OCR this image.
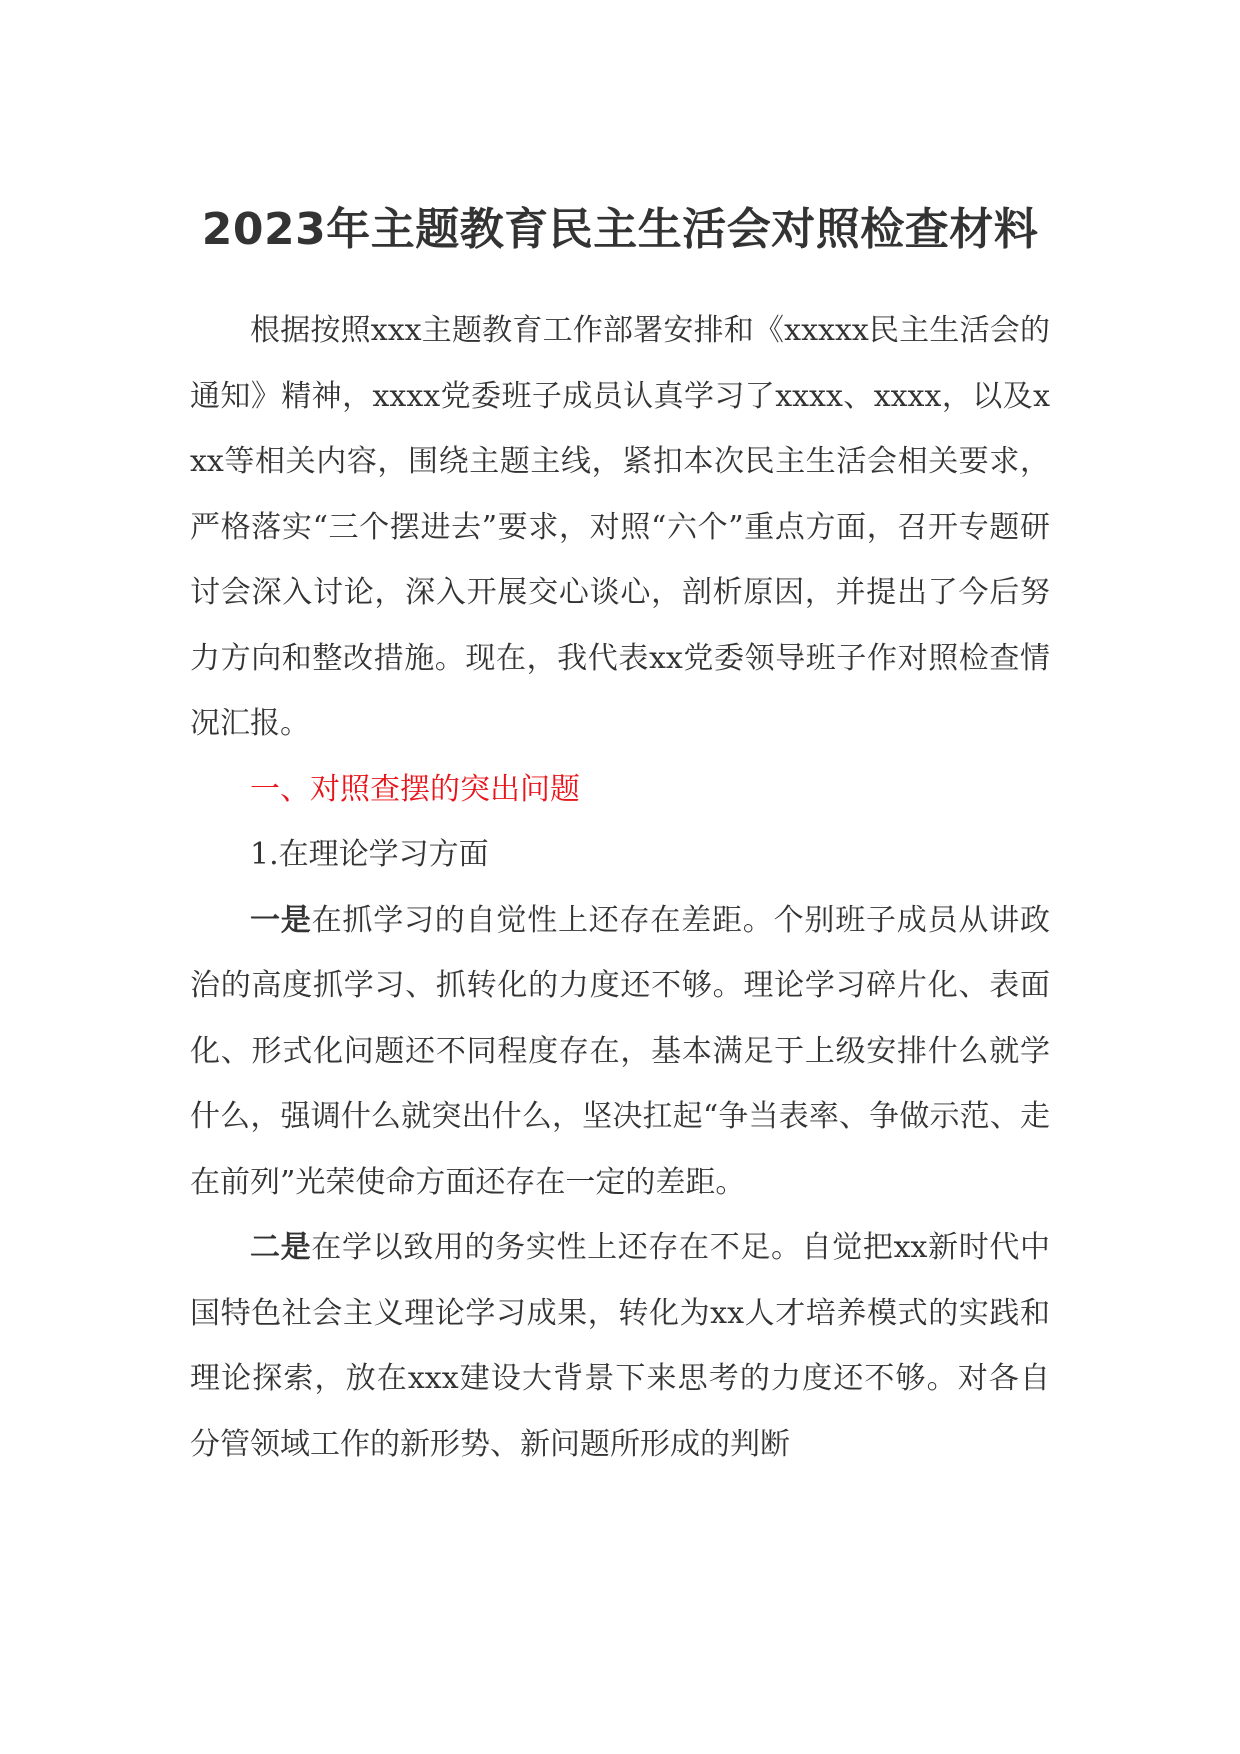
2023年主题教育民主生活会对照检查材料

根据按照xxx主题教育工作部署安排和《xxxxx民主生活会的通知》精神，xxxx党委班子成员认真学习了xxxx、xxxx，以及xxx等相关内容，围绕主题主线，紧扣本次民主生活会相关要求，严格落实“三个摆进去”要求，对照“六个”重点方面，召开专题研讨会深入讨论，深入开展交心谈心，剖析原因，并提出了今后努力方向和整改措施。现在，我代表xx党委领导班子作对照检查情况汇报。

一、对照查摆的突出问题

1.在理论学习方面

一是在抓学习的自觉性上还存在差距。个别班子成员从讲政治的高度抓学习、抓转化的力度还不够。理论学习碎片化、表面化、形式化问题还不同程度存在，基本满足于上级安排什么就学什么，强调什么就突出什么，坚决扛起“争当表率、争做示范、走在前列”光荣使命方面还存在一定的差距。

二是在学以致用的务实性上还存在不足。自觉把xx新时代中国特色社会主义理论学习成果，转化为xx人才培养模式的实践和理论探索，放在xxx建设大背景下来思考的力度还不够。对各自分管领域工作的新形势、新问题所形成的判断
